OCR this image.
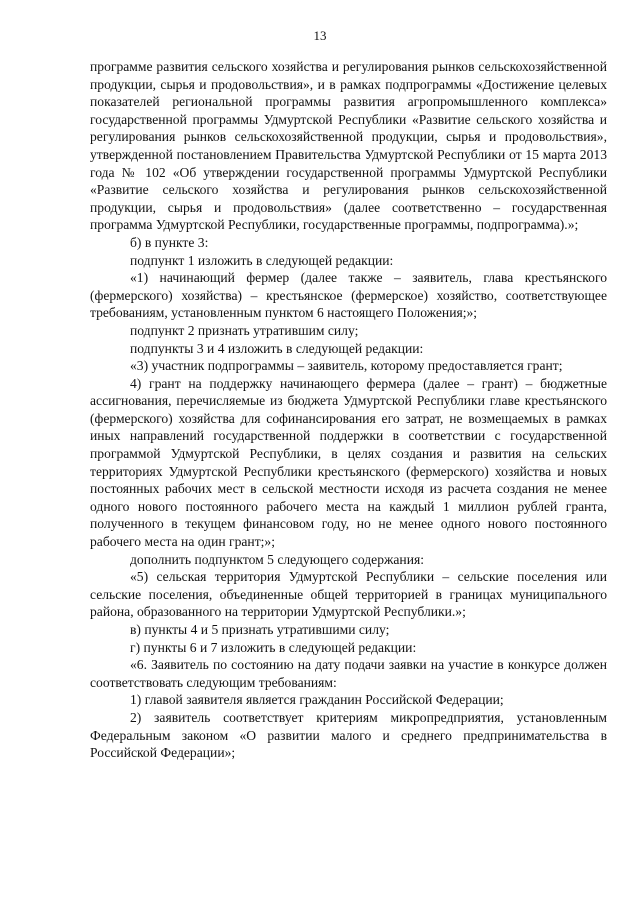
13

программе развития сельского хозяйства и регулирования рынков сельскохозяйственной продукции, сырья и продовольствия», и в рамках подпрограммы «Достижение целевых показателей региональной программы развития агропромышленного комплекса» государственной программы Удмуртской Республики «Развитие сельского хозяйства и регулирования рынков сельскохозяйственной продукции, сырья и продовольствия», утвержденной постановлением Правительства Удмуртской Республики от 15 марта 2013 года № 102 «Об утверждении государственной программы Удмуртской Республики «Развитие сельского хозяйства и регулирования рынков сельскохозяйственной продукции, сырья и продовольствия» (далее соответственно – государственная программа Удмуртской Республики, государственные программы, подпрограмма).»;

б) в пункте 3:

подпункт 1 изложить в следующей редакции:

«1) начинающий фермер (далее также – заявитель, глава крестьянского (фермерского) хозяйства) – крестьянское (фермерское) хозяйство, соответствующее требованиям, установленным пунктом 6 настоящего Положения;»;

подпункт 2 признать утратившим силу;

подпункты 3 и 4 изложить в следующей редакции:

«3) участник подпрограммы – заявитель, которому предоставляется грант;

4) грант на поддержку начинающего фермера (далее – грант) – бюджетные ассигнования, перечисляемые из бюджета Удмуртской Республики главе крестьянского (фермерского) хозяйства для софинансирования его затрат, не возмещаемых в рамках иных направлений государственной поддержки в соответствии с государственной программой Удмуртской Республики, в целях создания и развития на сельских территориях Удмуртской Республики крестьянского (фермерского) хозяйства и новых постоянных рабочих мест в сельской местности исходя из расчета создания не менее одного нового постоянного рабочего места на каждый 1 миллион рублей гранта, полученного в текущем финансовом году, но не менее одного нового постоянного рабочего места на один грант;»;

дополнить подпунктом 5 следующего содержания:

«5) сельская территория Удмуртской Республики – сельские поселения или сельские поселения, объединенные общей территорией в границах муниципального района, образованного на территории Удмуртской Республики.»;

в) пункты 4 и 5 признать утратившими силу;

г) пункты 6 и 7 изложить в следующей редакции:

«6. Заявитель по состоянию на дату подачи заявки на участие в конкурсе должен соответствовать следующим требованиям:

1) главой заявителя является гражданин Российской Федерации;

2) заявитель соответствует критериям микропредприятия, установленным Федеральным законом «О развитии малого и среднего предпринимательства в Российской Федерации»;
